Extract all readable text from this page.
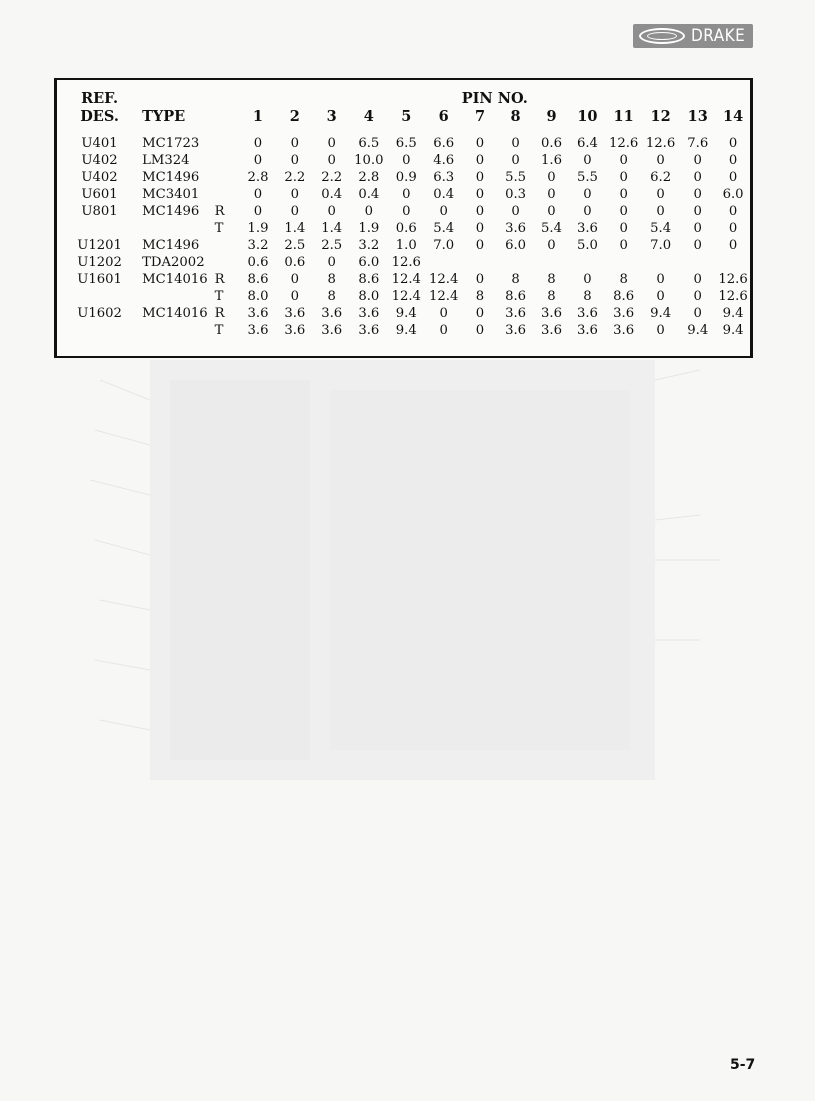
DRAKE
REF.			PIN NO.													
DES.	TYPE		1	2	3	4	5	6	7	8	9	10	11	12	13	14

U401	MC1723		0	0	0	6.5	6.5	6.6	0	0	0.6	6.4	12.6	12.6	7.6	0
U402	LM324		0	0	0	10.0	0	4.6	0	0	1.6	0	0	0	0	0
U402	MC1496		2.8	2.2	2.2	2.8	0.9	6.3	0	5.5	0	5.5	0	6.2	0	0
U601	MC3401		0	0	0.4	0.4	0	0.4	0	0.3	0	0	0	0	0	6.0
U801	MC1496	R	0	0	0	0	0	0	0	0	0	0	0	0	0	0
		T	1.9	1.4	1.4	1.9	0.6	5.4	0	3.6	5.4	3.6	0	5.4	0	0
U1201	MC1496		3.2	2.5	2.5	3.2	1.0	7.0	0	6.0	0	5.0	0	7.0	0	0
U1202	TDA2002		0.6	0.6	0	6.0	12.6									
U1601	MC14016	R	8.6	0	8	8.6	12.4	12.4	0	8	8	0	8	0	0	12.6
		T	8.0	0	8	8.0	12.4	12.4	8	8.6	8	8	8.6	0	0	12.6
U1602	MC14016	R	3.6	3.6	3.6	3.6	9.4	0	0	3.6	3.6	3.6	3.6	9.4	0	9.4
		T	3.6	3.6	3.6	3.6	9.4	0	0	3.6	3.6	3.6	3.6	0	9.4	9.4
5-7
